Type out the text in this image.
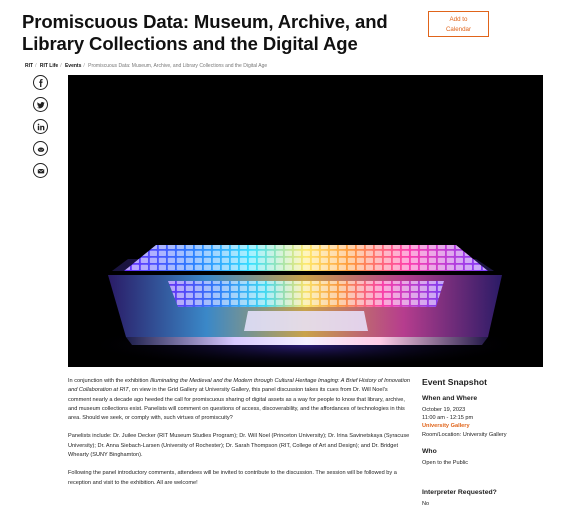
Promiscuous Data: Museum, Archive, and Library Collections and the Digital Age
Add to
Calendar
RIT / RIT Life / Events / Promiscuous Data: Museum, Archive, and Library Collections and the Digital Age

In conjunction with the exhibition Illuminating the Medieval and the Modern through Cultural Heritage Imaging: A Brief History of Innovation and Collaboration at RIT, on view in the Grid Gallery at University Gallery, this panel discussion takes its cues from Dr. Will Noel's comment nearly a decade ago heeded the call for promiscuous sharing of digital assets as a way for people to know that library, archive, and museum collections exist. Panelists will comment on questions of access, discoverability, and the affordances of technologies in this area. Should we seek, or comply with, such virtues of promiscuity?

Panelists include: Dr. Juilee Decker (RIT Museum Studies Program); Dr. Will Noel (Princeton University); Dr. Irina Savinetskaya (Syracuse University); Dr. Anna Siebach-Larsen (University of Rochester); Dr. Sarah Thompson (RIT, College of Art and Design); and Dr. Bridget Whearty (SUNY Binghamton).

Following the panel introductory comments, attendees will be invited to contribute to the discussion. The session will be followed by a reception and visit to the exhibition. All are welcome!

Event Snapshot
When and Where
October 19, 2023
11:00 am - 12:15 pm
University Gallery
Room/Location: University Gallery
Who
Open to the Public
Interpreter Requested?
No
